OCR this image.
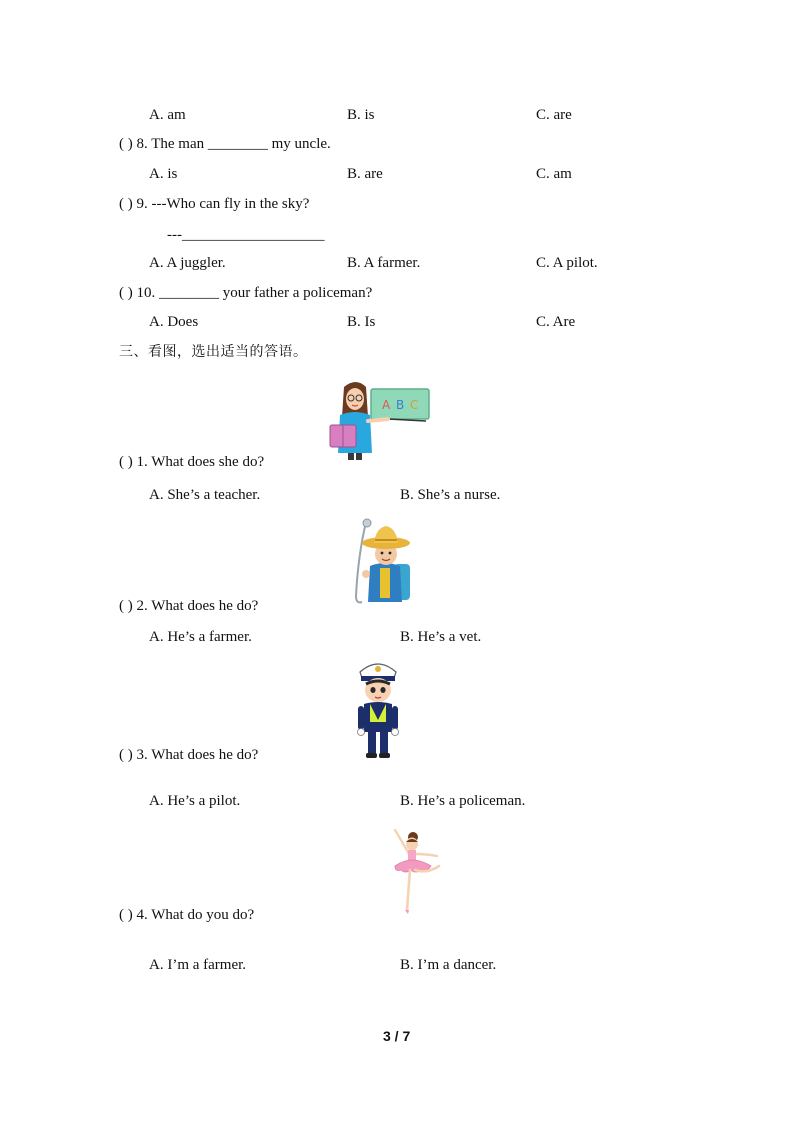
A. am	B. is	C. are
( ) 8. The man ________ my uncle.
A. is	B. are	C. am
( ) 9. ---Who can fly in the sky?
---___________________
A. A juggler.	B. A farmer.	C. A pilot.
( ) 10. ________ your father a policeman?
A. Does	B. Is	C. Are
三、看图，选出适当的答语。
A B C
( ) 1. What does she do?
A. She’s a teacher.	B. She’s a nurse.
( ) 2. What does he do?
A. He’s a farmer.	B. He’s a vet.
( ) 3. What does he do?
A. He’s a pilot.	B. He’s a policeman.
( ) 4. What do you do?
A. I’m a farmer.	B. I’m a dancer.
3 / 7
